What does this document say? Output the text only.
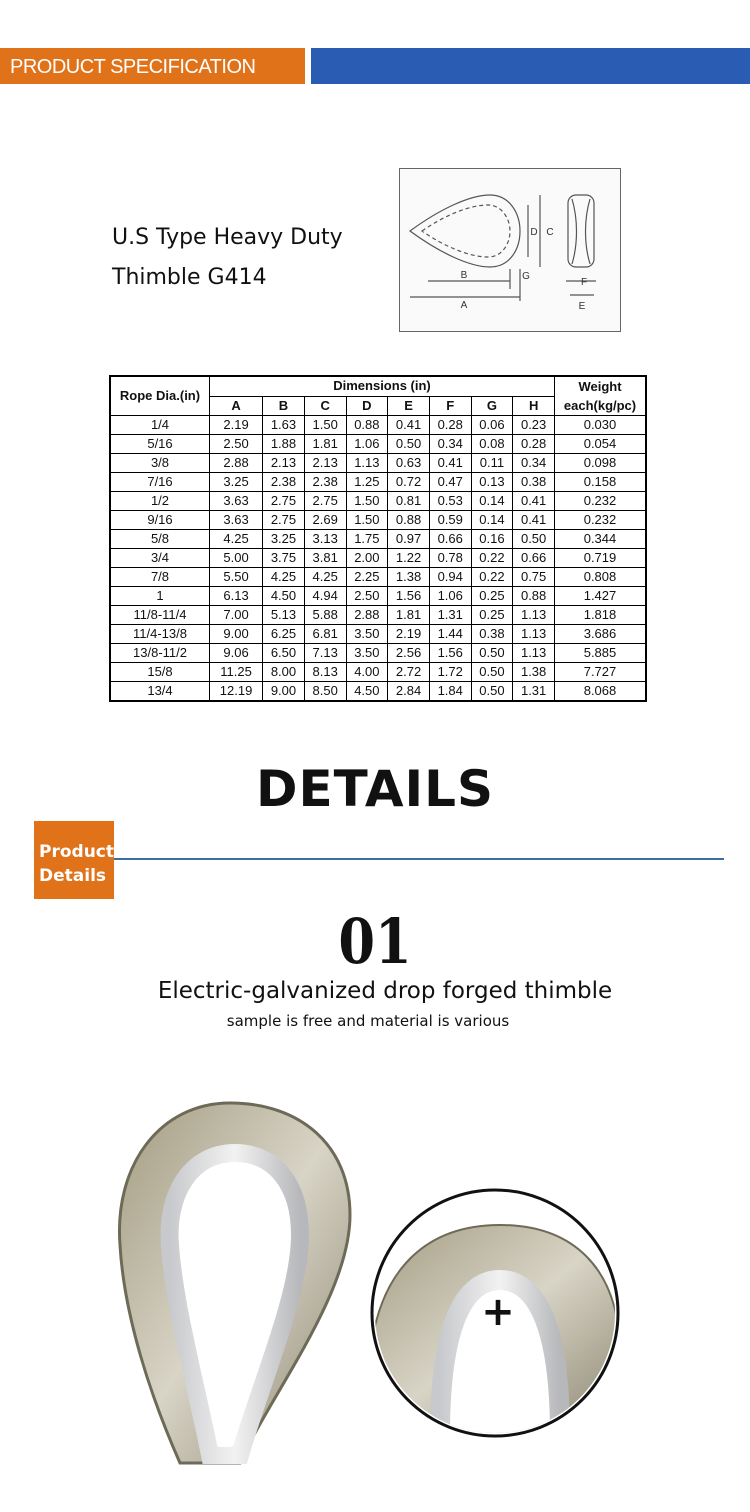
PRODUCT SPECIFICATION
U.S Type Heavy Duty
Thimble G414	B
A
C
D
E
F
G
Rope Dia.(in)	Dimensions (in)								Weight
each(kg/pc)

	A	B	C	D	E	F	G	H	
1/4	2.19	1.63	1.50	0.88	0.41	0.28	0.06	0.23	0.030
5/16	2.50	1.88	1.81	1.06	0.50	0.34	0.08	0.28	0.054
3/8	2.88	2.13	2.13	1.13	0.63	0.41	0.11	0.34	0.098
7/16	3.25	2.38	2.38	1.25	0.72	0.47	0.13	0.38	0.158
1/2	3.63	2.75	2.75	1.50	0.81	0.53	0.14	0.41	0.232
9/16	3.63	2.75	2.69	1.50	0.88	0.59	0.14	0.41	0.232
5/8	4.25	3.25	3.13	1.75	0.97	0.66	0.16	0.50	0.344
3/4	5.00	3.75	3.81	2.00	1.22	0.78	0.22	0.66	0.719
7/8	5.50	4.25	4.25	2.25	1.38	0.94	0.22	0.75	0.808
1	6.13	4.50	4.94	2.50	1.56	1.06	0.25	0.88	1.427
11/8-11/4	7.00	5.13	5.88	2.88	1.81	1.31	0.25	1.13	1.818
11/4-13/8	9.00	6.25	6.81	3.50	2.19	1.44	0.38	1.13	3.686
13/8-11/2	9.06	6.50	7.13	3.50	2.56	1.56	0.50	1.13	5.885
15/8	11.25	8.00	8.13	4.00	2.72	1.72	0.50	1.38	7.727
13/4	12.19	9.00	8.50	4.50	2.84	1.84	0.50	1.31	8.068
DETAILS
Product
Details
01
Electric-galvanized drop forged thimble
sample is free and material is various
+
